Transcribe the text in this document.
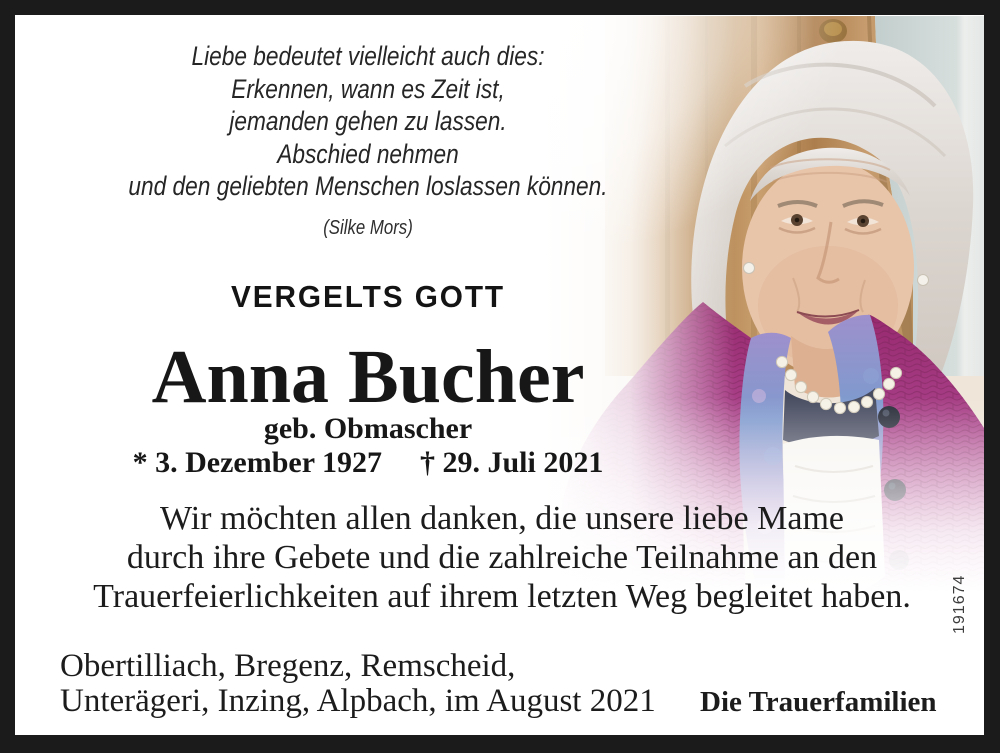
Liebe bedeutet vielleicht auch dies:
Erkennen, wann es Zeit ist,
jemanden gehen zu lassen.
Abschied nehmen
und den geliebten Menschen loslassen können.
(Silke Mors)
VERGELTS GOTT
Anna Bucher
geb. Obmascher
* 3. Dezember 1927 † 29. Juli 2021
Wir möchten allen danken, die unsere liebe Mame
durch ihre Gebete und die zahlreiche Teilnahme an den
Trauerfeierlichkeiten auf ihrem letzten Weg begleitet haben.
Obertilliach, Bregenz, Remscheid,
Unterägeri, Inzing, Alpbach, im August 2021 Die Trauerfamilien
191674
